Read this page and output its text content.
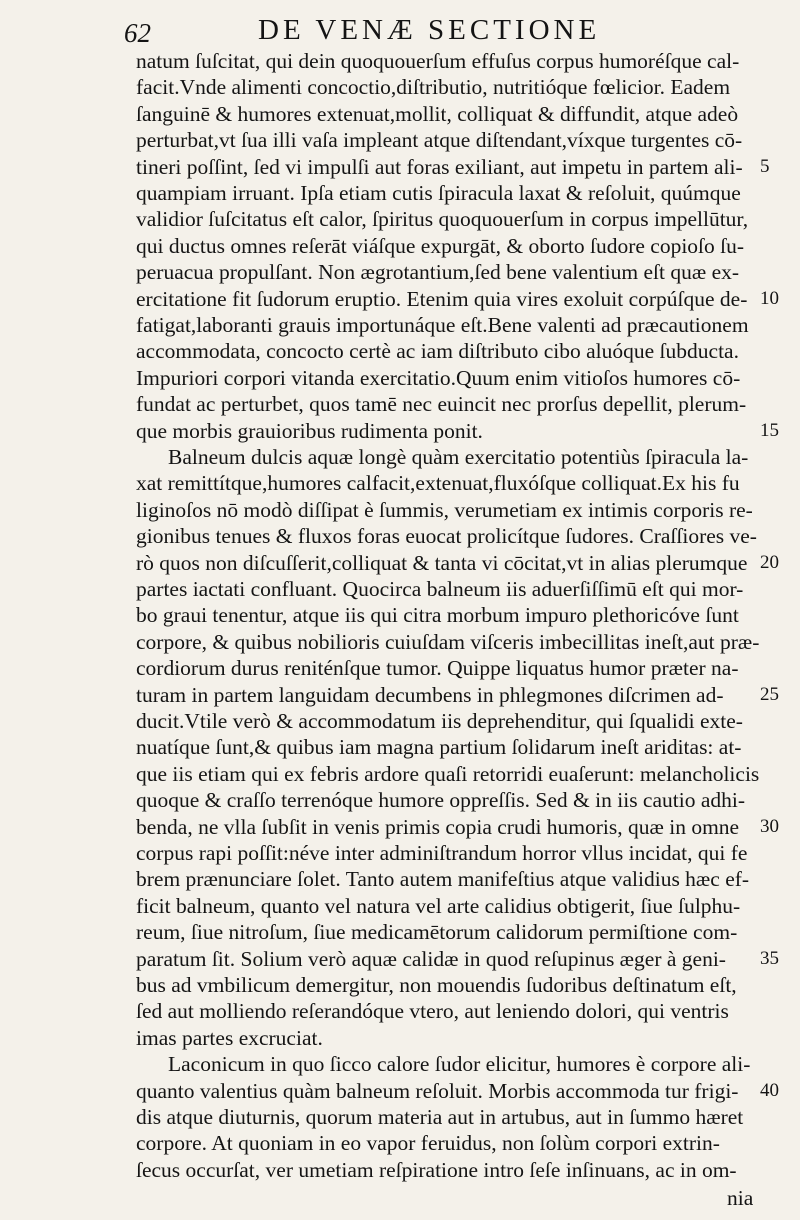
62	DE VENÆ SECTIONE
natum ſuſcitat, qui dein quoquouerſum effuſus corpus humoréſque cal-
facit.Vnde alimenti concoctio,diſtributio, nutritióque fœlicior. Eadem
ſanguinē & humores extenuat,mollit, colliquat & diffundit, atque adeò
perturbat,vt ſua illi vaſa impleant atque diſtendant,víxque turgentes cō-
tineri poſſint, ſed vi impulſi aut foras exiliant, aut impetu in partem ali-
quampiam irruant. Ipſa etiam cutis ſpiracula laxat & reſoluit, quúmque
validior ſuſcitatus eſt calor, ſpiritus quoquouerſum in corpus impellūtur,
qui ductus omnes reſerāt viáſque expurgāt, & oborto ſudore copioſo ſu-
peruacua propulſant. Non ægrotantium,ſed bene valentium eſt quæ ex-
ercitatione fit ſudorum eruptio. Etenim quia vires exoluit corpúſque de-
fatigat,laboranti grauis importunáque eſt.Bene valenti ad præcautionem
accommodata, concocto certè ac iam diſtributo cibo aluóque ſubducta.
Impuriori corpori vitanda exercitatio.Quum enim vitioſos humores cō-
fundat ac perturbet, quos tamē nec euincit nec prorſus depellit, plerum-
que morbis grauioribus rudimenta ponit.
Balneum dulcis aquæ longè quàm exercitatio potentiùs ſpiracula la-
xat remittítque,humores calfacit,extenuat,fluxóſque colliquat.Ex his fu
liginoſos nō modò diſſipat è ſummis, verumetiam ex intimis corporis re-
gionibus tenues & fluxos foras euocat prolicítque ſudores. Craſſiores ve-
rò quos non diſcuſſerit,colliquat & tanta vi cōcitat,vt in alias plerumque
partes iactati confluant. Quocirca balneum iis aduerſiſſimū eſt qui mor-
bo graui tenentur, atque iis qui citra morbum impuro plethoricóve ſunt
corpore, & quibus nobilioris cuiuſdam viſceris imbecillitas ineſt,aut præ-
cordiorum durus reniténſque tumor. Quippe liquatus humor præter na-
turam in partem languidam decumbens in phlegmones diſcrimen ad-
ducit.Vtile verò & accommodatum iis deprehenditur, qui ſqualidi exte-
nuatíque ſunt,& quibus iam magna partium ſolidarum ineſt ariditas: at-
que iis etiam qui ex febris ardore quaſi retorridi euaſerunt: melancholicis
quoque & craſſo terrenóque humore oppreſſis. Sed & in iis cautio adhi-
benda, ne vlla ſubſit in venis primis copia crudi humoris, quæ in omne
corpus rapi poſſit:néve inter adminiſtrandum horror vllus incidat, qui fe
brem prænunciare ſolet. Tanto autem manifeſtius atque validius hæc ef-
ficit balneum, quanto vel natura vel arte calidius obtigerit, ſiue ſulphu-
reum, ſiue nitroſum, ſiue medicamētorum calidorum permiſtione com-
paratum ſit. Solium verò aquæ calidæ in quod reſupinus æger à geni-
bus ad vmbilicum demergitur, non mouendis ſudoribus deſtinatum eſt,
ſed aut molliendo reſerandóque vtero, aut leniendo dolori, qui ventris
imas partes excruciat.
Laconicum in quo ſicco calore ſudor elicitur, humores è corpore ali-
quanto valentius quàm balneum reſoluit. Morbis accommoda tur frigi-
dis atque diuturnis, quorum materia aut in artubus, aut in ſummo hæret
corpore. At quoniam in eo vapor feruidus, non ſolùm corpori extrin-
ſecus occurſat, ver umetiam reſpiratione intro ſeſe inſinuans, ac in om-
5
10
15
20
25
30
35
40
nia
